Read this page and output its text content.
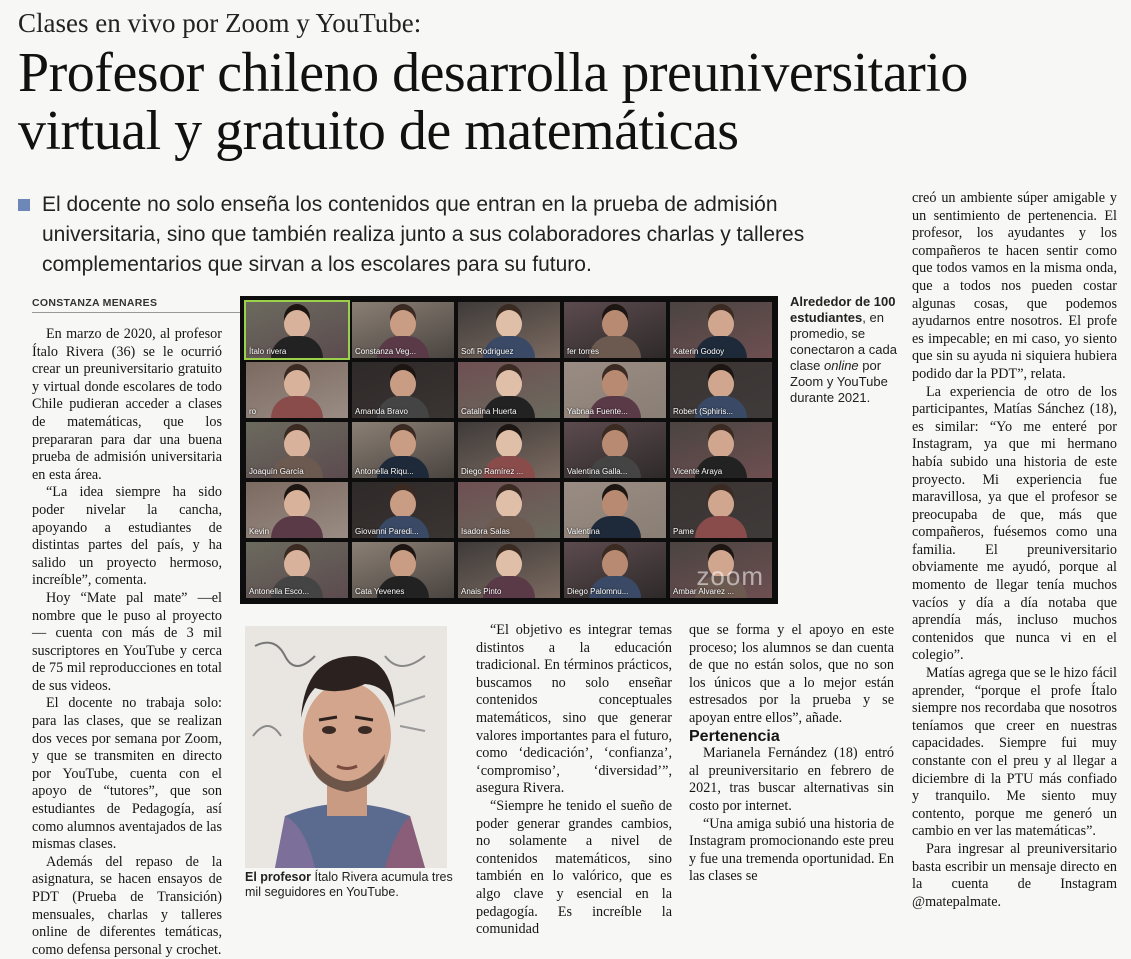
Clases en vivo por Zoom y YouTube:
Profesor chileno desarrolla preuniversitario
virtual y gratuito de matemáticas
El docente no solo enseña los contenidos que entran en la prueba de admisión universitaria, sino que también realiza junto a sus colaboradores charlas y talleres complementarios que sirvan a los escolares para su futuro.
CONSTANZA MENARES

En marzo de 2020, al profesor Ítalo Rivera (36) se le ocurrió crear un preuniversitario gratuito y virtual donde escolares de todo Chile pudieran acceder a clases de matemáticas, que los prepararan para dar una buena prueba de admisión universitaria en esta área.

“La idea siempre ha sido poder nivelar la cancha, apoyando a estudiantes de distintas partes del país, y ha salido un proyecto hermoso, increíble”, comenta.

Hoy “Mate pal mate” —el nombre que le puso al proyecto— cuenta con más de 3 mil suscriptores en YouTube y cerca de 75 mil reproducciones en total de sus videos.

El docente no trabaja solo: para las clases, que se realizan dos veces por semana por Zoom, y que se transmiten en directo por YouTube, cuenta con el apoyo de “tutores”, que son estudiantes de Pedagogía, así como alumnos aventajados de las mismas clases.

Además del repaso de la asignatura, se hacen ensayos de PDT (Prueba de Transición) mensuales, charlas y talleres online de diferentes temáticas, como defensa personal y crochet.

Ambar Alvarez ...
Diego Palomnu...
Anais Pinto
Cata Yevenes
Antonella Esco...
Pame
Valentina
Isadora Salas
Giovanni Paredi...
Kevin
Vicente Araya
Valentina Galla...
Diego Ramírez ...
Antonella Riqu...
Joaquín García
Robert (Sphiris...
Yabnaa Fuente...
Catalina Huerta
Amanda Bravo
ro
Katerin Godoy
fer torres
Sofi Rodriguez
Constanza Veg...
Ítalo rivera
zoom
Alrededor de 100 estudiantes, en promedio, se conectaron a cada clase online por Zoom y YouTube durante 2021.
El profesor Ítalo Rivera acumula tres mil seguidores en YouTube.

“El objetivo es integrar temas distintos a la educación tradicional. En términos prácticos, buscamos no solo enseñar contenidos conceptuales matemáticos, sino que generar valores importantes para el futuro, como ‘dedicación’, ‘confianza’, ‘compromiso’, ‘diversidad’”, asegura Rivera.

“Siempre he tenido el sueño de poder generar grandes cambios, no solamente a nivel de contenidos matemáticos, sino también en lo valórico, que es algo clave y esencial en la pedagogía. Es increíble la comunidad

que se forma y el apoyo en este proceso; los alumnos se dan cuenta de que no están solos, que no son los únicos que a lo mejor están estresados por la prueba y se apoyan entre ellos”, añade.

Pertenencia

Marianela Fernández (18) entró al preuniversitario en febrero de 2021, tras buscar alternativas sin costo por internet.

“Una amiga subió una historia de Instagram promocionando este preu y fue una tremenda oportunidad. En las clases se

creó un ambiente súper amigable y un sentimiento de pertenencia. El profesor, los ayudantes y los compañeros te hacen sentir como que todos vamos en la misma onda, que a todos nos pueden costar algunas cosas, que podemos ayudarnos entre nosotros. El profe es impecable; en mi caso, yo siento que sin su ayuda ni siquiera hubiera podido dar la PDT”, relata.

La experiencia de otro de los participantes, Matías Sánchez (18), es similar: “Yo me enteré por Instagram, ya que mi hermano había subido una historia de este proyecto. Mi experiencia fue maravillosa, ya que el profesor se preocupaba de que, más que compañeros, fuésemos como una familia. El preuniversitario obviamente me ayudó, porque al momento de llegar tenía muchos vacíos y día a día notaba que aprendía más, incluso muchos contenidos que nunca vi en el colegio”.

Matías agrega que se le hizo fácil aprender, “porque el profe Ítalo siempre nos recordaba que nosotros teníamos que creer en nuestras capacidades. Siempre fui muy constante con el preu y al llegar a diciembre di la PTU más confiado y tranquilo. Me siento muy contento, porque me generó un cambio en ver las matemáticas”.

Para ingresar al preuniversitario basta escribir un mensaje directo en la cuenta de Instagram @matepalmate.
